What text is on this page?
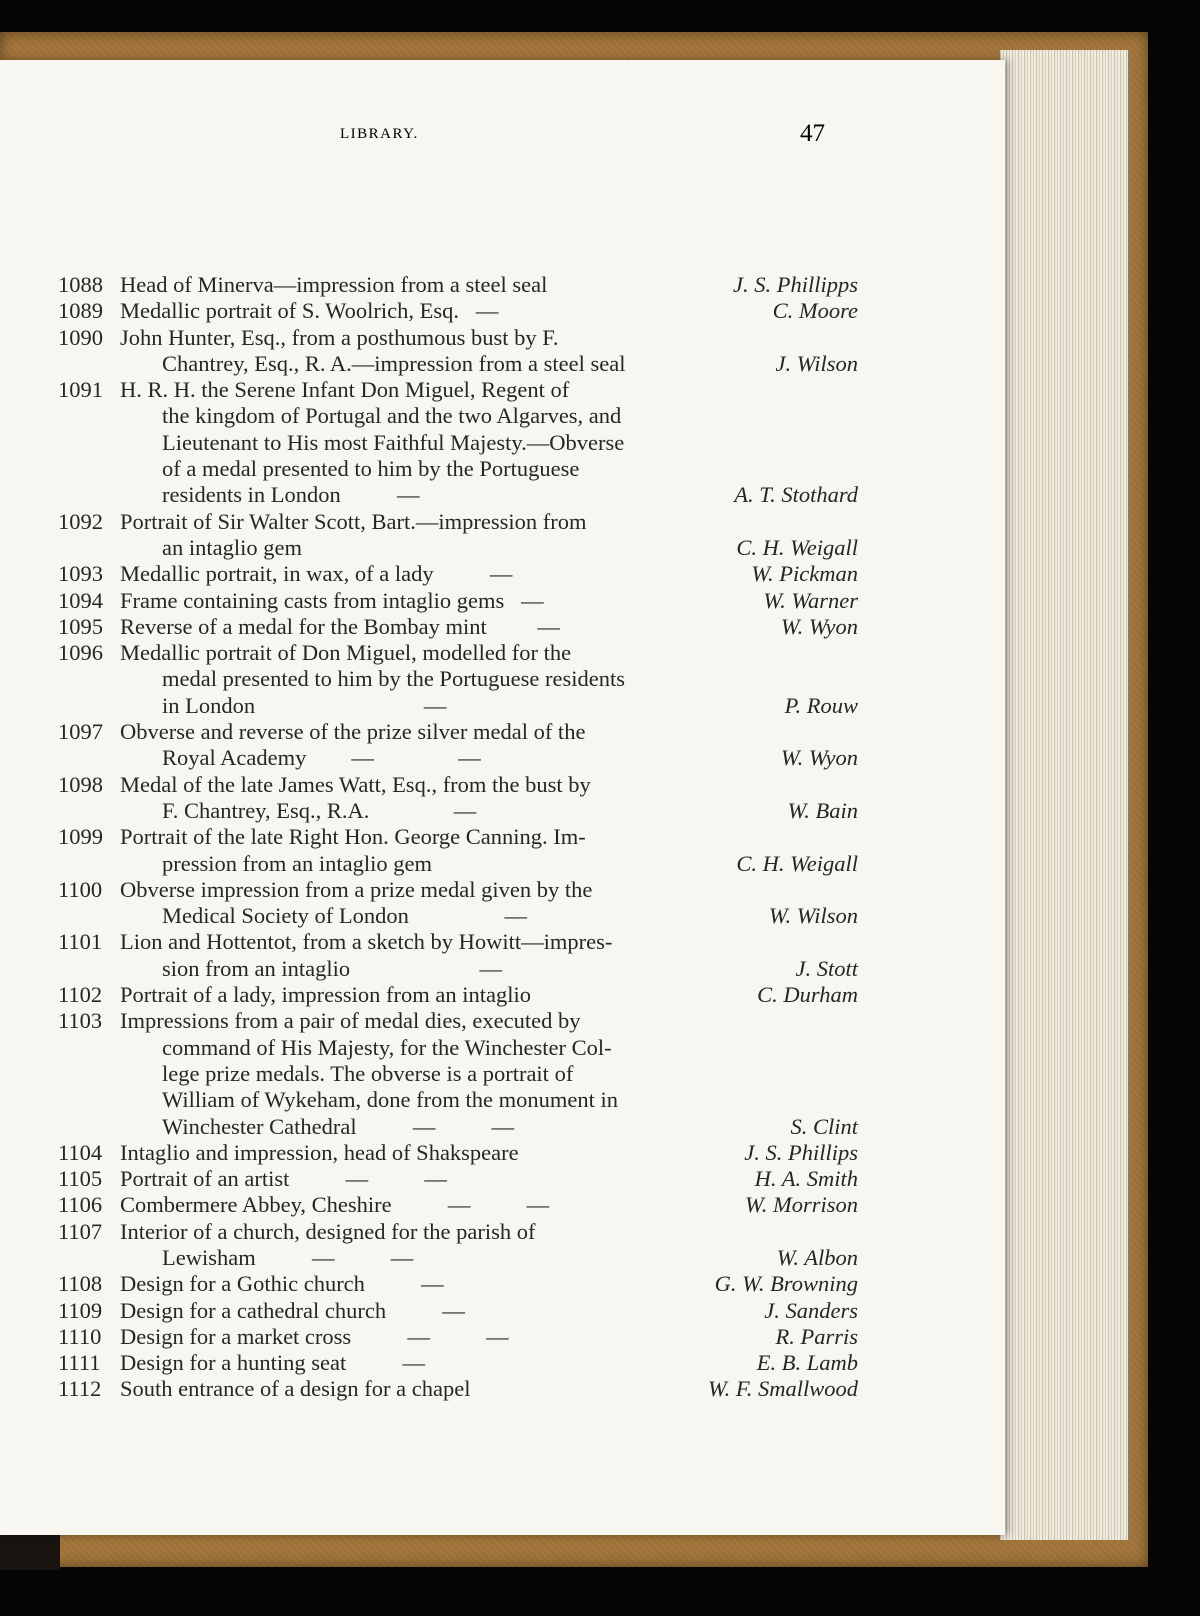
LIBRARY.	47
1088 Head of Minerva—impression from a steel seal	J. S. Phillipps
1089 Medallic portrait of S. Woolrich, Esq.   —	C. Moore
1090 John Hunter, Esq., from a posthumous bust by F.
Chantrey, Esq., R. A.—impression from a steel seal	J. Wilson
1091 H. R. H. the Serene Infant Don Miguel, Regent of
the kingdom of Portugal and the two Algarves, and
Lieutenant to His most Faithful Majesty.—Obverse
of a medal presented to him by the Portuguese
residents in London          —	A. T. Stothard
1092 Portrait of Sir Walter Scott, Bart.—impression from
an intaglio gem	C. H. Weigall
1093 Medallic portrait, in wax, of a lady          —	W. Pickman
1094 Frame containing casts from intaglio gems   —	W. Warner
1095 Reverse of a medal for the Bombay mint         —	W. Wyon
1096 Medallic portrait of Don Miguel, modelled for the
medal presented to him by the Portuguese residents
in London                              —	P. Rouw
1097 Obverse and reverse of the prize silver medal of the
Royal Academy        —               —	W. Wyon
1098 Medal of the late James Watt, Esq., from the bust by
F. Chantrey, Esq., R.A.               —	W. Bain
1099 Portrait of the late Right Hon. George Canning. Im-
pression from an intaglio gem	C. H. Weigall
1100 Obverse impression from a prize medal given by the
Medical Society of London                 —	W. Wilson
1101 Lion and Hottentot, from a sketch by Howitt—impres-
sion from an intaglio                       —	J. Stott
1102 Portrait of a lady, impression from an intaglio	C. Durham
1103 Impressions from a pair of medal dies, executed by
command of His Majesty, for the Winchester Col-
lege prize medals. The obverse is a portrait of
William of Wykeham, done from the monument in
Winchester Cathedral          —          —	S. Clint
1104 Intaglio and impression, head of Shakspeare	J. S. Phillips
1105 Portrait of an artist          —          —	H. A. Smith
1106 Combermere Abbey, Cheshire          —          —	W. Morrison
1107 Interior of a church, designed for the parish of
Lewisham          —          —	W. Albon
1108 Design for a Gothic church          —	G. W. Browning
1109 Design for a cathedral church          —	J. Sanders
1110 Design for a market cross          —          —	R. Parris
1111 Design for a hunting seat          —	E. B. Lamb
1112 South entrance of a design for a chapel	W. F. Smallwood
